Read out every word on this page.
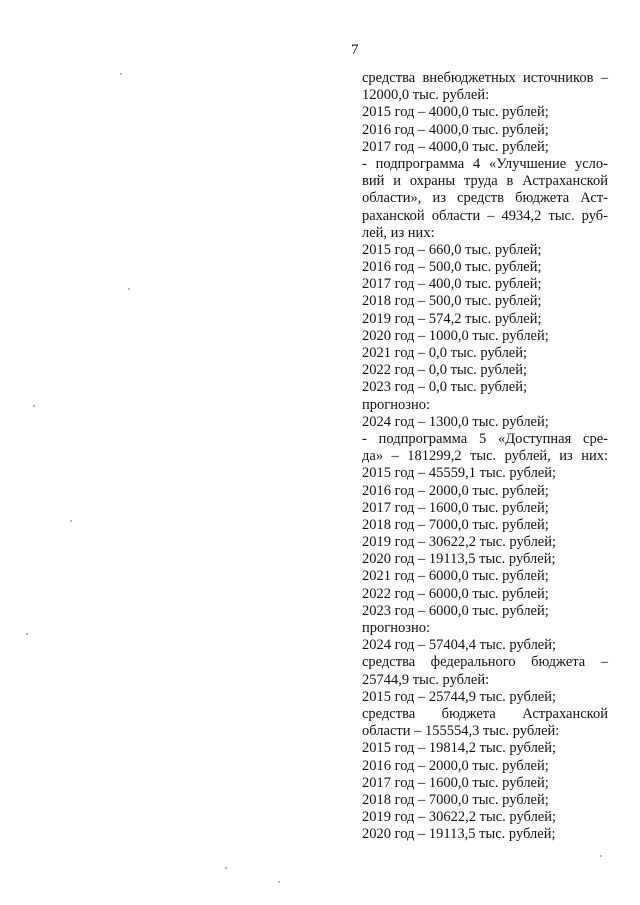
7
средства внебюджетных источников –
12000,0 тыс. рублей:
2015 год – 4000,0 тыс. рублей;
2016 год – 4000,0 тыс. рублей;
2017 год – 4000,0 тыс. рублей;
- подпрограмма 4 «Улучшение усло-
вий и охраны труда в Астраханской
области», из средств бюджета Аст-
раханской области – 4934,2 тыс. руб-
лей, из них:
2015 год – 660,0 тыс. рублей;
2016 год – 500,0 тыс. рублей;
2017 год – 400,0 тыс. рублей;
2018 год – 500,0 тыс. рублей;
2019 год – 574,2 тыс. рублей;
2020 год – 1000,0 тыс. рублей;
2021 год – 0,0 тыс. рублей;
2022 год – 0,0 тыс. рублей;
2023 год – 0,0 тыс. рублей;
прогнозно:
2024 год – 1300,0 тыс. рублей;
- подпрограмма 5 «Доступная сре-
да» – 181299,2 тыс. рублей, из них:
2015 год – 45559,1 тыс. рублей;
2016 год – 2000,0 тыс. рублей;
2017 год – 1600,0 тыс. рублей;
2018 год – 7000,0 тыс. рублей;
2019 год – 30622,2 тыс. рублей;
2020 год – 19113,5 тыс. рублей;
2021 год – 6000,0 тыс. рублей;
2022 год – 6000,0 тыс. рублей;
2023 год – 6000,0 тыс. рублей;
прогнозно:
2024 год – 57404,4 тыс. рублей;
средства федерального бюджета –
25744,9 тыс. рублей:
2015 год – 25744,9 тыс. рублей;
средства бюджета Астраханской
области – 155554,3 тыс. рублей:
2015 год – 19814,2 тыс. рублей;
2016 год – 2000,0 тыс. рублей;
2017 год – 1600,0 тыс. рублей;
2018 год – 7000,0 тыс. рублей;
2019 год – 30622,2 тыс. рублей;
2020 год – 19113,5 тыс. рублей;
